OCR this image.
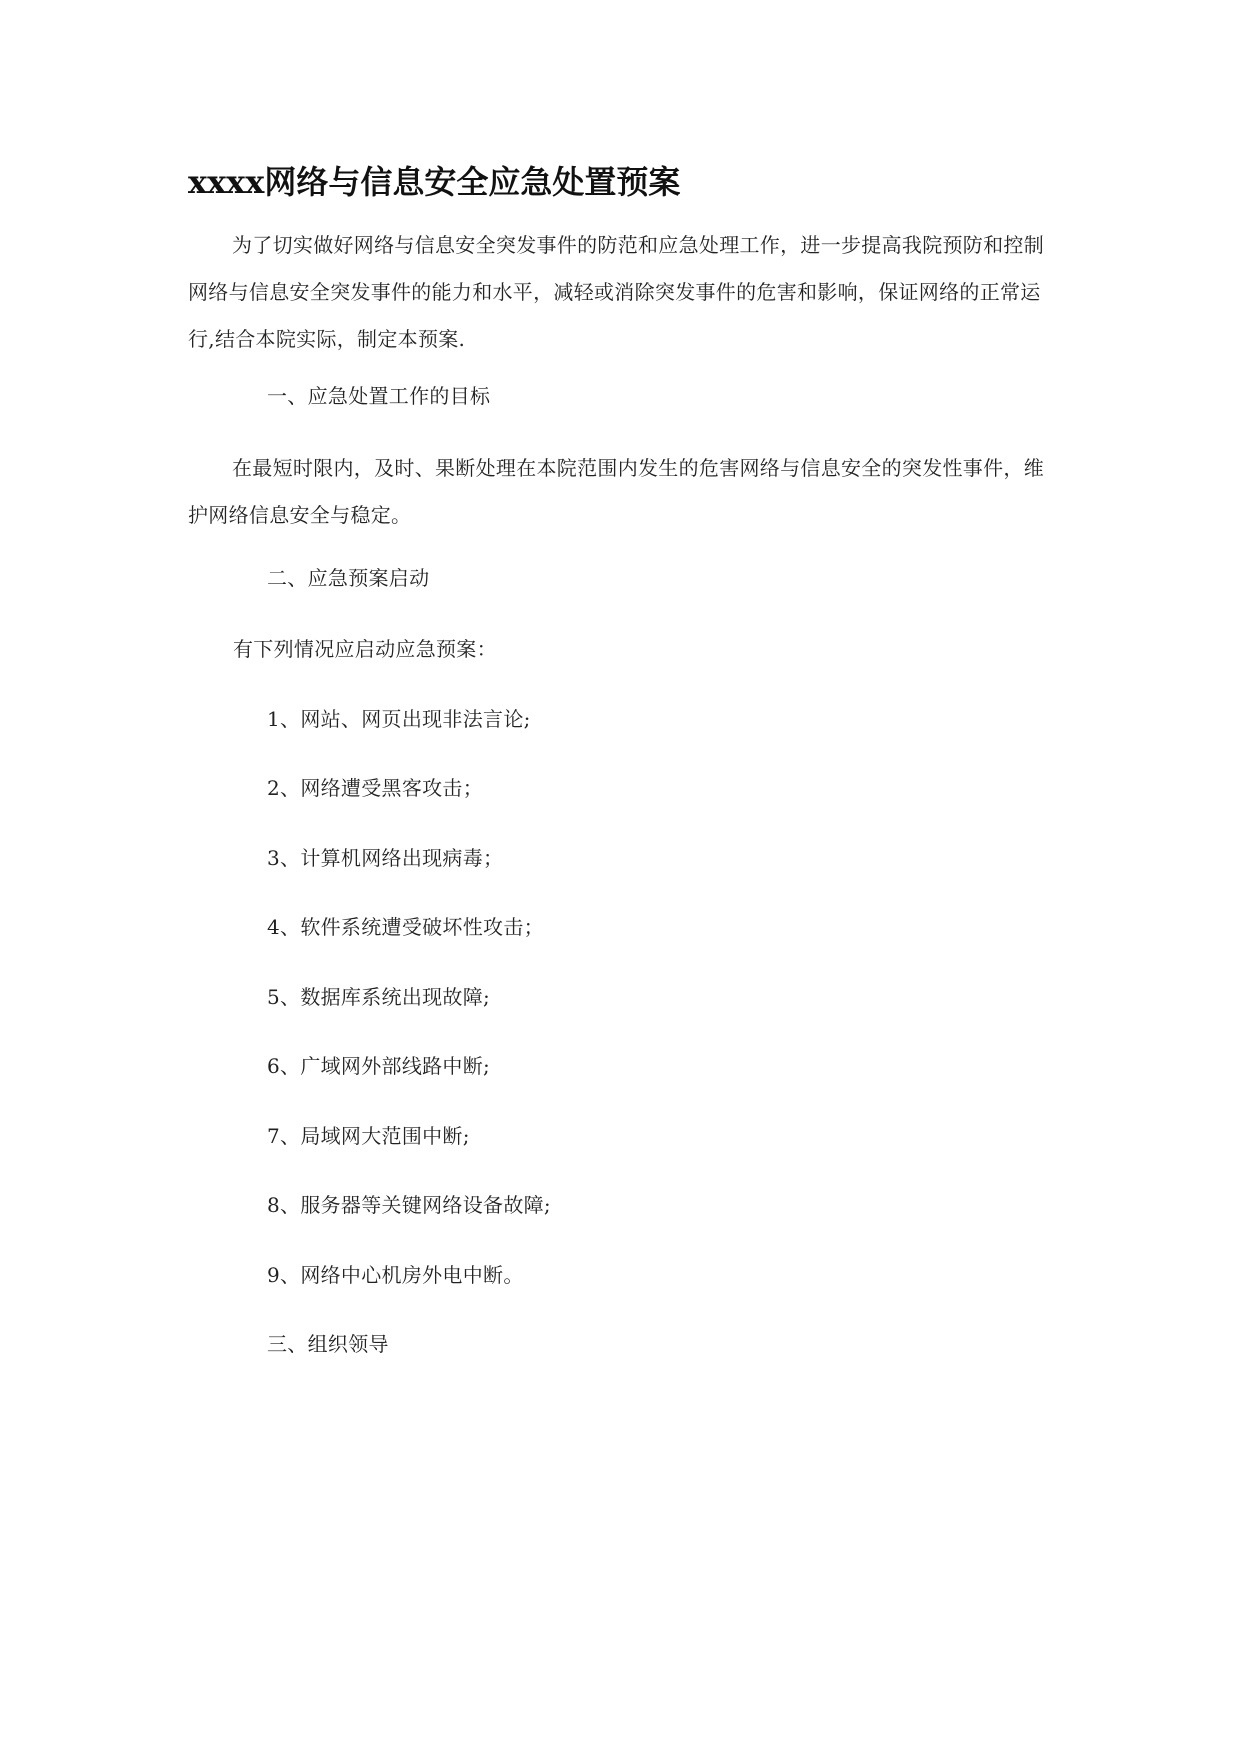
xxxx网络与信息安全应急处置预案

为了切实做好网络与信息安全突发事件的防范和应急处理工作，进一步提高我院预防和控制网络与信息安全突发事件的能力和水平，减轻或消除突发事件的危害和影响，保证网络的正常运行,结合本院实际，制定本预案.

一、应急处置工作的目标

在最短时限内，及时、果断处理在本院范围内发生的危害网络与信息安全的突发性事件，维护网络信息安全与稳定。

二、应急预案启动

有下列情况应启动应急预案：

1、网站、网页出现非法言论;

2、网络遭受黑客攻击；

3、计算机网络出现病毒；

4、软件系统遭受破坏性攻击；

5、数据库系统出现故障;

6、广域网外部线路中断;

7、局域网大范围中断;

8、服务器等关键网络设备故障;

9、网络中心机房外电中断。

三、组织领导
